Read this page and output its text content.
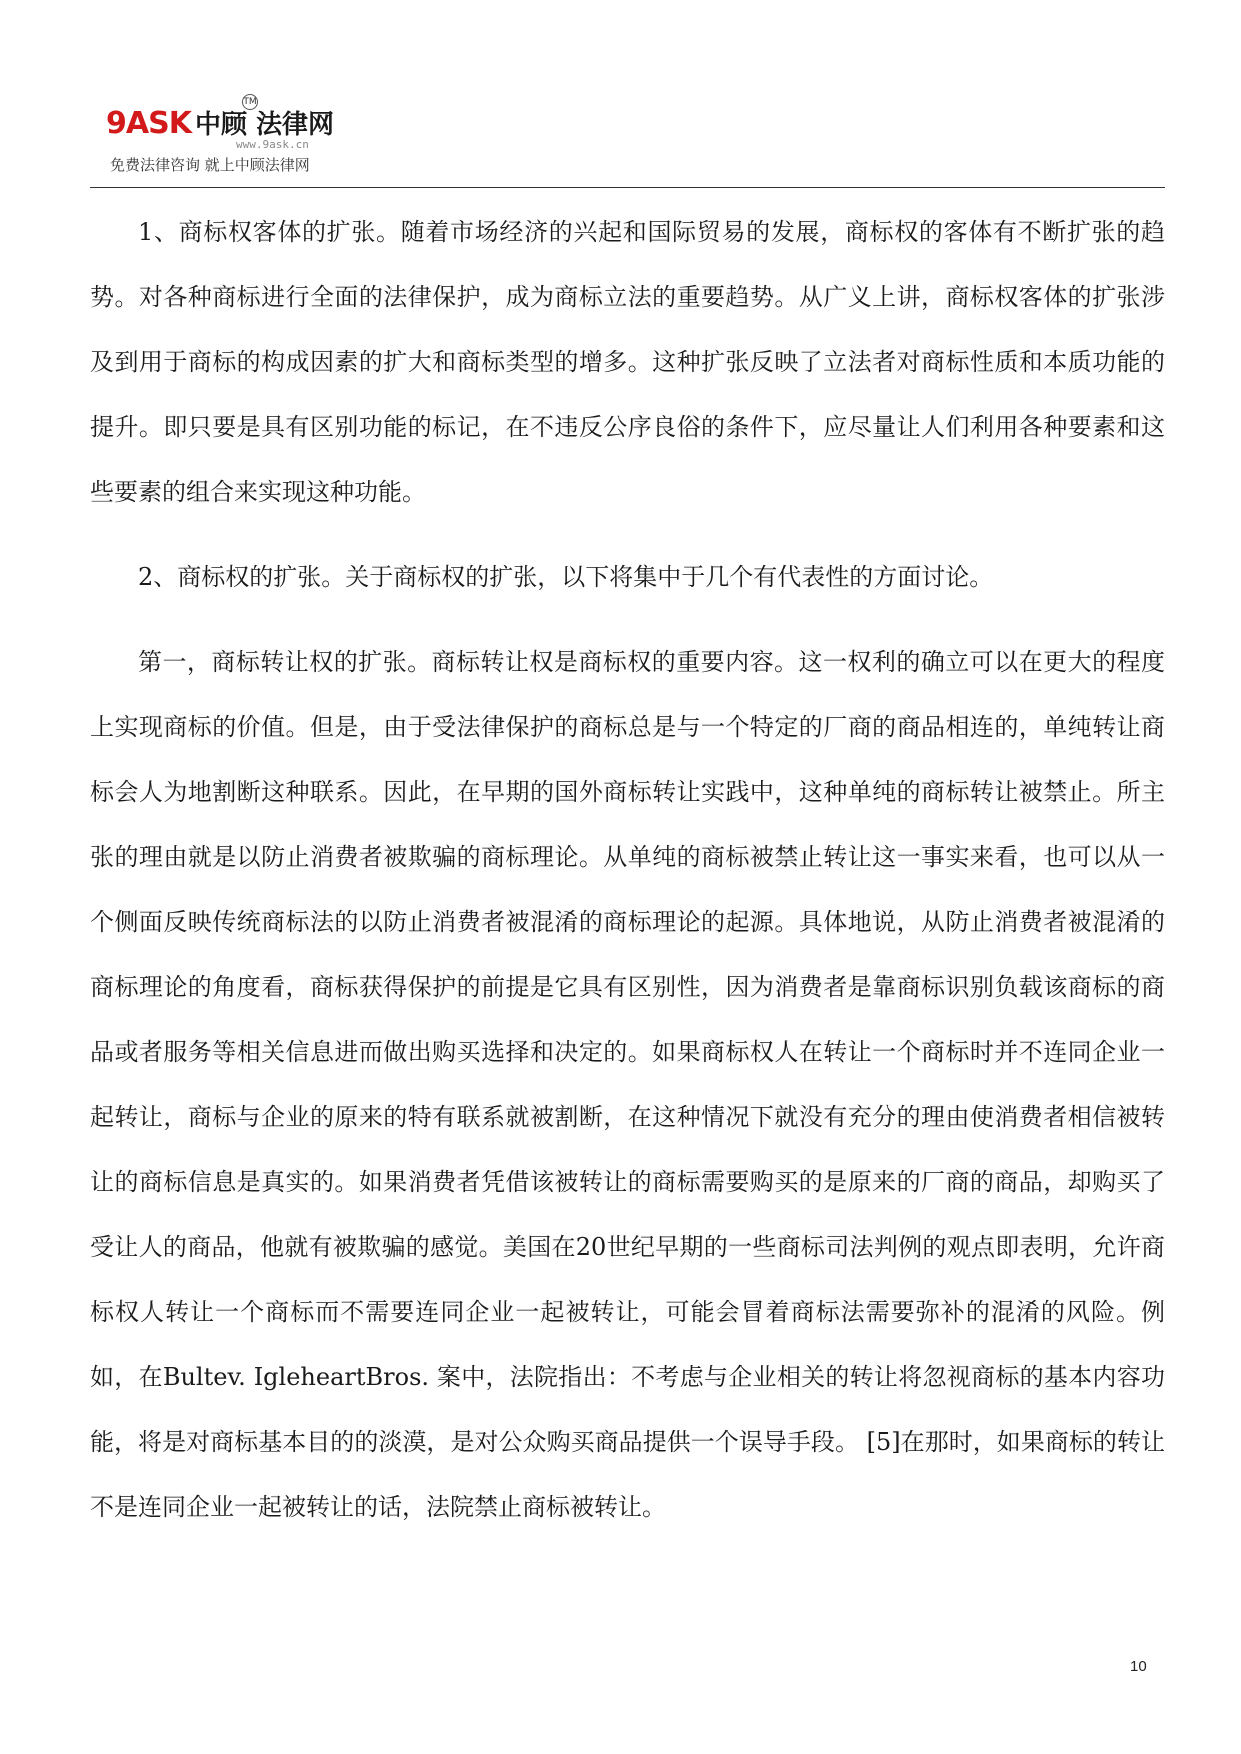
9ASK 中顾 法律网
TM
www.9ask.cn
免费法律咨询 就上中顾法律网

1、商标权客体的扩张。随着市场经济的兴起和国际贸易的发展，商标权的客体有不断扩张的趋势。对各种商标进行全面的法律保护，成为商标立法的重要趋势。从广义上讲，商标权客体的扩张涉及到用于商标的构成因素的扩大和商标类型的增多。这种扩张反映了立法者对商标性质和本质功能的提升。即只要是具有区别功能的标记，在不违反公序良俗的条件下，应尽量让人们利用各种要素和这些要素的组合来实现这种功能。

2、商标权的扩张。关于商标权的扩张，以下将集中于几个有代表性的方面讨论。

第一，商标转让权的扩张。商标转让权是商标权的重要内容。这一权利的确立可以在更大的程度上实现商标的价值。但是，由于受法律保护的商标总是与一个特定的厂商的商品相连的，单纯转让商标会人为地割断这种联系。因此，在早期的国外商标转让实践中，这种单纯的商标转让被禁止。所主张的理由就是以防止消费者被欺骗的商标理论。从单纯的商标被禁止转让这一事实来看，也可以从一个侧面反映传统商标法的以防止消费者被混淆的商标理论的起源。具体地说，从防止消费者被混淆的商标理论的角度看，商标获得保护的前提是它具有区别性，因为消费者是靠商标识别负载该商标的商品或者服务等相关信息进而做出购买选择和决定的。如果商标权人在转让一个商标时并不连同企业一起转让，商标与企业的原来的特有联系就被割断，在这种情况下就没有充分的理由使消费者相信被转让的商标信息是真实的。如果消费者凭借该被转让的商标需要购买的是原来的厂商的商品，却购买了受让人的商品，他就有被欺骗的感觉。美国在20世纪早期的一些商标司法判例的观点即表明，允许商标权人转让一个商标而不需要连同企业一起被转让，可能会冒着商标法需要弥补的混淆的风险。例如，在Bultev. IgleheartBros. 案中，法院指出：不考虑与企业相关的转让将忽视商标的基本内容功能，将是对商标基本目的的淡漠，是对公众购买商品提供一个误导手段。 [5]在那时，如果商标的转让不是连同企业一起被转让的话，法院禁止商标被转让。

10
